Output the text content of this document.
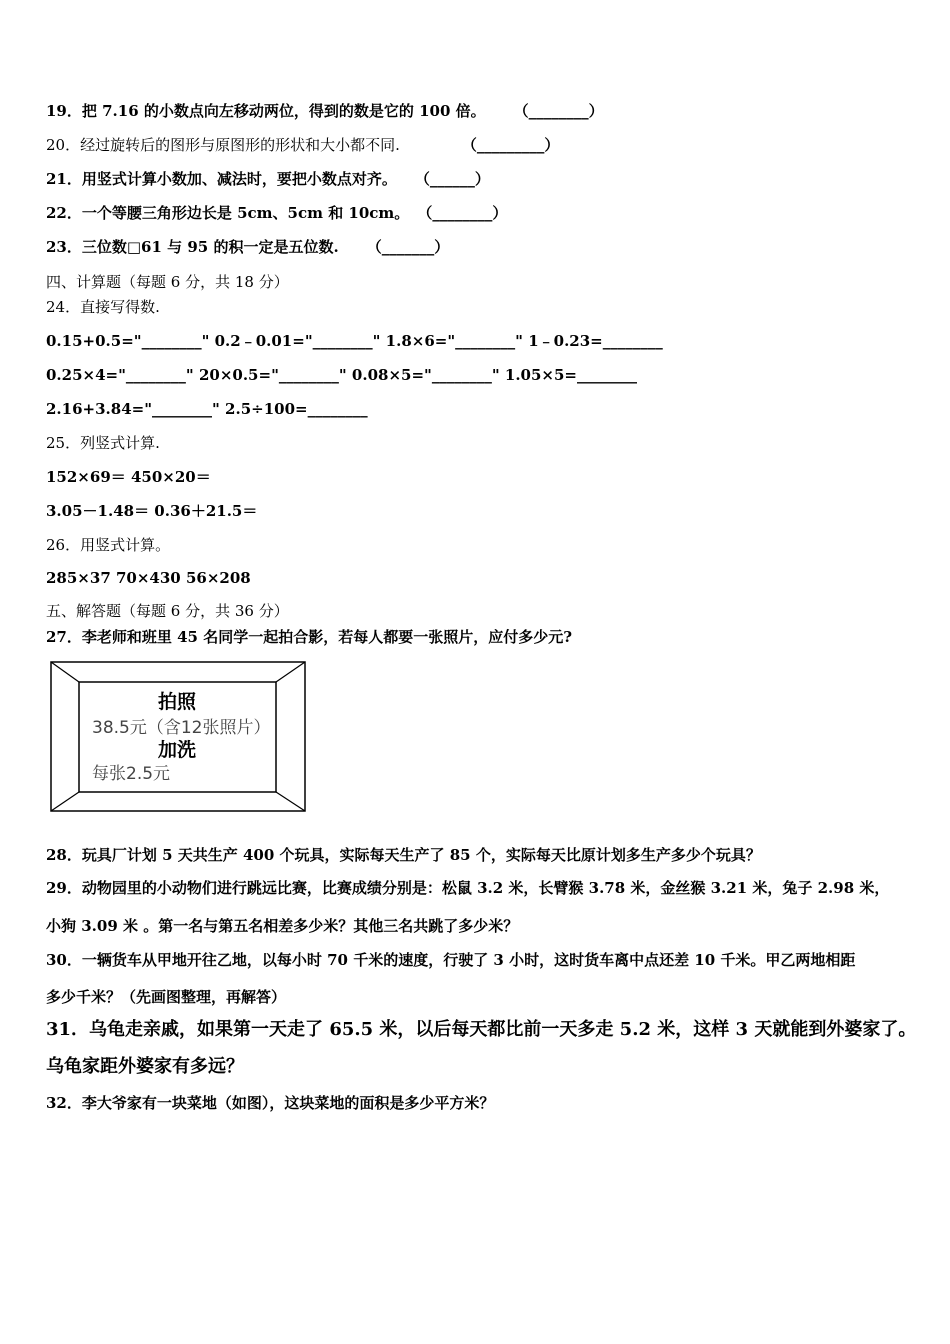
19．把 7.16 的小数点向左移动两位，得到的数是它的 100 倍。 （________）
20．经过旋转后的图形与原图形的形状和大小都不同.	（_________）
21．用竖式计算小数加、减法时，要把小数点对齐。 （______）
22．一个等腰三角形边长是 5cm、5cm 和 10cm。 （________）
23．三位数□61 与 95 的积一定是五位数. （_______）
四、计算题（每题 6 分，共 18 分）
24．直接写得数.
0.15+0.5="________" 0.2﹣0.01="________" 1.8×6="________" 1﹣0.23=________
0.25×4="________" 20×0.5="________" 0.08×5="________" 1.05×5=________
2.16+3.84="________" 2.5÷100=________
25．列竖式计算.
152×69＝ 450×20＝
3.05－1.48＝ 0.36＋21.5＝
26．用竖式计算。
285×37 70×430 56×208
五、解答题（每题 6 分，共 36 分）
27．李老师和班里 45 名同学一起拍合影，若每人都要一张照片，应付多少元?
拍照
38.5元（含12张照片）
加洗
每张2.5元
28．玩具厂计划 5 天共生产 400 个玩具，实际每天生产了 85 个，实际每天比原计划多生产多少个玩具？
29．动物园里的小动物们进行跳远比赛，比赛成绩分别是：松鼠 3.2 米，长臂猴 3.78 米，金丝猴 3.21 米，兔子 2.98 米，
小狗 3.09 米 。第一名与第五名相差多少米？其他三名共跳了多少米？
30．一辆货车从甲地开往乙地，以每小时 70 千米的速度，行驶了 3 小时，这时货车离中点还差 10 千米。甲乙两地相距
多少千米？（先画图整理，再解答）
31．乌龟走亲戚，如果第一天走了 65.5 米，以后每天都比前一天多走 5.2 米，这样 3 天就能到外婆家了。
乌龟家距外婆家有多远？
32．李大爷家有一块菜地（如图），这块菜地的面积是多少平方米？
